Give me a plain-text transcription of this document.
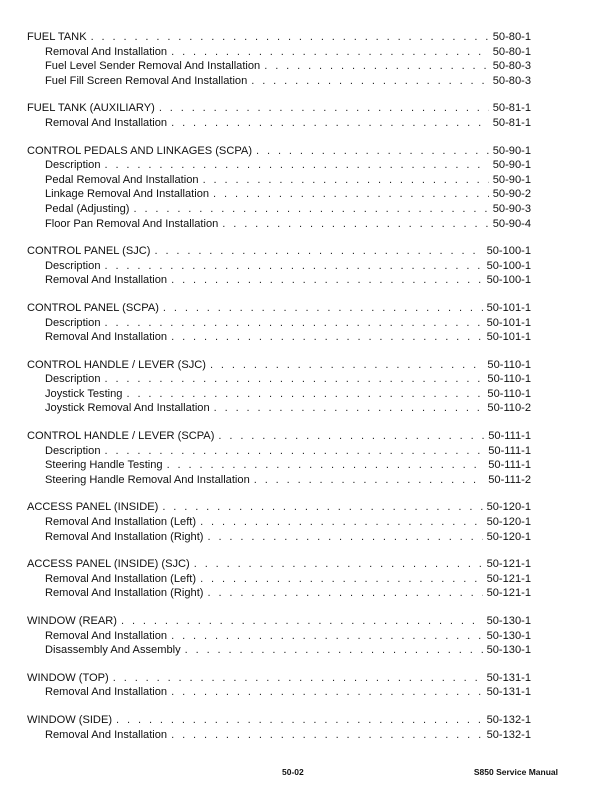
FUEL TANK . . .	50-80-1
Removal And Installation . . .	50-80-1
Fuel Level Sender Removal And Installation . . .	50-80-3
Fuel Fill Screen Removal And Installation . . .	50-80-3
FUEL TANK (AUXILIARY) . . .	50-81-1
Removal And Installation . . .	50-81-1
CONTROL PEDALS AND LINKAGES (SCPA) . . .	50-90-1
Description . . .	50-90-1
Pedal Removal And Installation . . .	50-90-1
Linkage Removal And Installation . . .	50-90-2
Pedal (Adjusting) . . .	50-90-3
Floor Pan Removal And Installation . . .	50-90-4
CONTROL PANEL (SJC) . . .	50-100-1
Description . . .	50-100-1
Removal And Installation . . .	50-100-1
CONTROL PANEL (SCPA) . . .	50-101-1
Description . . .	50-101-1
Removal And Installation . . .	50-101-1
CONTROL HANDLE / LEVER (SJC) . . .	50-110-1
Description . . .	50-110-1
Joystick Testing . . .	50-110-1
Joystick Removal And Installation . . .	50-110-2
CONTROL HANDLE / LEVER (SCPA) . . .	50-111-1
Description . . .	50-111-1
Steering Handle Testing . . .	50-111-1
Steering Handle Removal And Installation . . .	50-111-2
ACCESS PANEL (INSIDE) . . .	50-120-1
Removal And Installation (Left) . . .	50-120-1
Removal And Installation (Right) . . .	50-120-1
ACCESS PANEL (INSIDE) (SJC) . . .	50-121-1
Removal And Installation (Left) . . .	50-121-1
Removal And Installation (Right) . . .	50-121-1
WINDOW (REAR) . . .	50-130-1
Removal And Installation . . .	50-130-1
Disassembly And Assembly . . .	50-130-1
WINDOW (TOP) . . .	50-131-1
Removal And Installation . . .	50-131-1
WINDOW (SIDE) . . .	50-132-1
Removal And Installation . . .	50-132-1
50-02	S850 Service Manual
